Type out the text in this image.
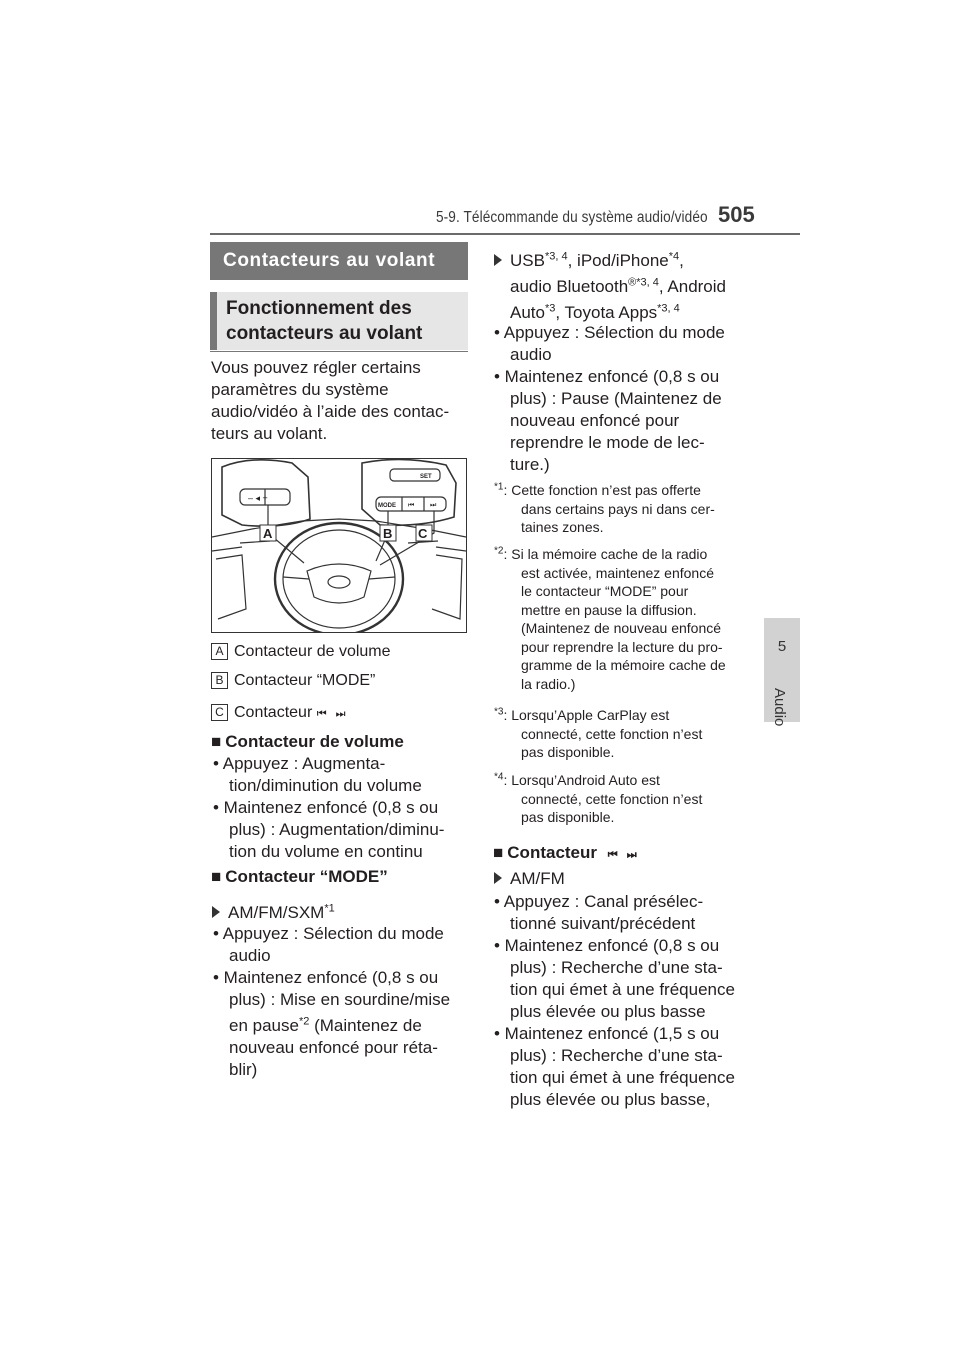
5-9. Télécommande du système audio/vidéo 505
5
Audio
Contacteurs au volant
Fonctionnement des
contacteurs au volant
Vous pouvez régler certains
paramètres du système
audio/vidéo à l’aide des contac-
teurs au volant.
– ◂ +
MODE ⏮ ⏭
SET
A	B C
A Contacteur de volume
B Contacteur “MODE”
C Contacteur ⏮ ⏭
■ Contacteur de volume
• Appuyez : Augmenta-
tion/diminution du volume
• Maintenez enfoncé (0,8 s ou
plus) : Augmentation/diminu-
tion du volume en continu
■ Contacteur “MODE”
AM/FM/SXM$^{*1}$
• Appuyez : Sélection du mode
audio
• Maintenez enfoncé (0,8 s ou
plus) : Mise en sourdine/mise
en pause$^{*2}$ (Maintenez de
nouveau enfoncé pour réta-
blir)
USB$^{*3, 4}$, iPod/iPhone$^{*4}$,
audio Bluetooth$^{®*3, 4}$, Android
Auto$^{*3}$, Toyota Apps$^{*3, 4}$
• Appuyez : Sélection du mode
audio
• Maintenez enfoncé (0,8 s ou
plus) : Pause (Maintenez de
nouveau enfoncé pour
reprendre le mode de lec-
ture.)
$^{*1}$: Cette fonction n’est pas offerte
dans certains pays ni dans cer-
taines zones.
$^{*2}$: Si la mémoire cache de la radio
est activée, maintenez enfoncé
le contacteur “MODE” pour
mettre en pause la diffusion.
(Maintenez de nouveau enfoncé
pour reprendre la lecture du pro-
gramme de la mémoire cache de
la radio.)
$^{*3}$: Lorsqu’Apple CarPlay est
connecté, cette fonction n’est
pas disponible.
$^{*4}$: Lorsqu’Android Auto est
connecté, cette fonction n’est
pas disponible.
■ Contacteur ⏮ ⏭
AM/FM
• Appuyez : Canal présélec-
tionné suivant/précédent
• Maintenez enfoncé (0,8 s ou
plus) : Recherche d’une sta-
tion qui émet à une fréquence
plus élevée ou plus basse
• Maintenez enfoncé (1,5 s ou
plus) : Recherche d’une sta-
tion qui émet à une fréquence
plus élevée ou plus basse,
